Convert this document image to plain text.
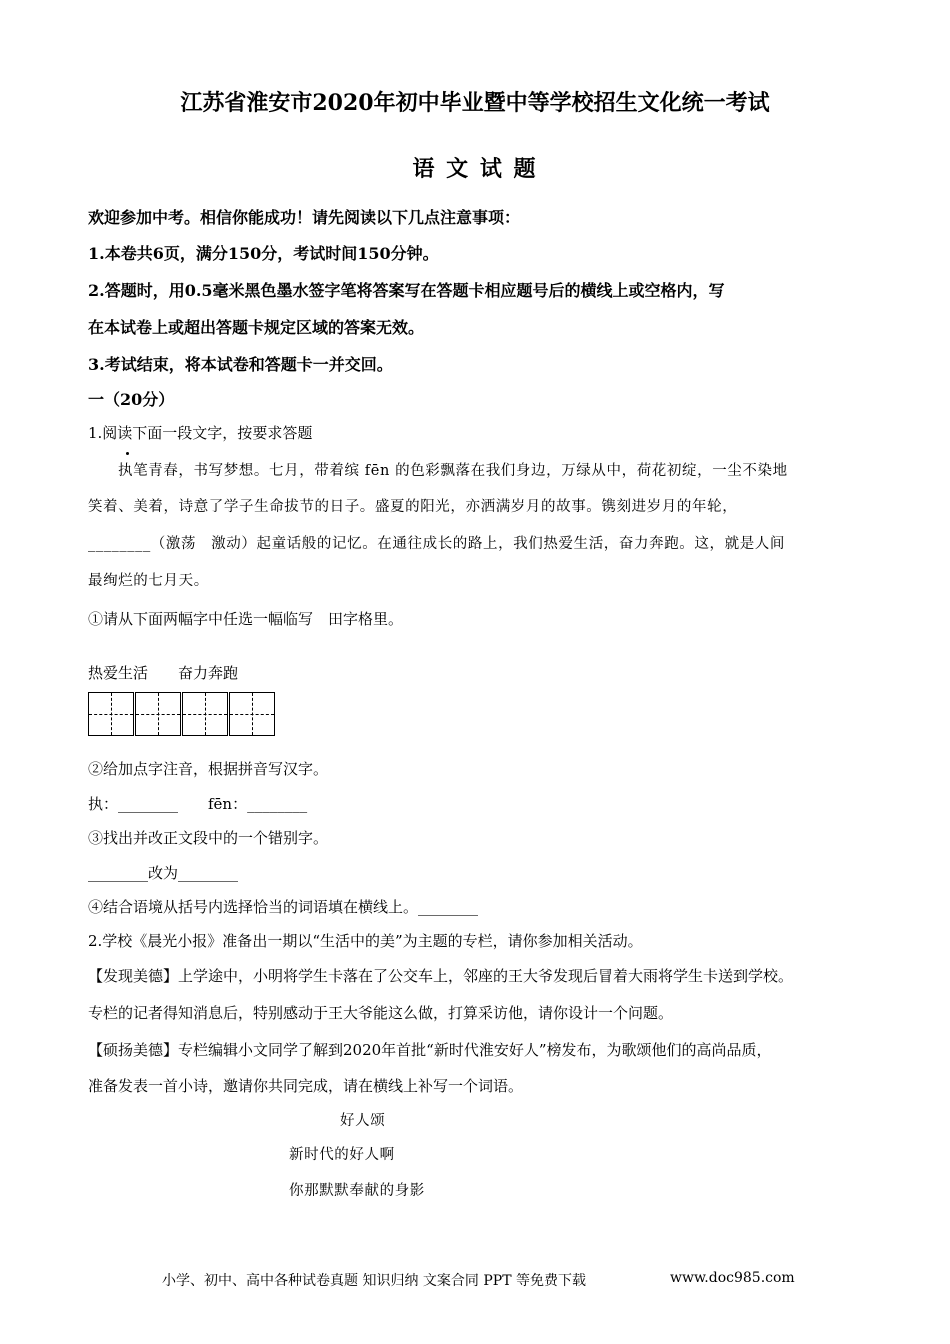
江苏省淮安市2020年初中毕业暨中等学校招生文化统一考试
语 文 试 题
欢迎参加中考。相信你能成功！请先阅读以下几点注意事项：
1.本卷共6页，满分150分，考试时间150分钟。
2.答题时，用0.5毫米黑色墨水签字笔将答案写在答题卡相应题号后的横线上或空格内，写
在本试卷上或超出答题卡规定区域的答案无效。
3.考试结束，将本试卷和答题卡一并交回。
一（20分）
1.阅读下面一段文字，按要求答题
执笔青春，书写梦想。七月，带着缤 fēn 的色彩飘落在我们身边，万绿从中，荷花初绽，一尘不染地
笑着、美着，诗意了学子生命拔节的日子。盛夏的阳光，亦洒满岁月的故事。镌刻进岁月的年轮，
________（激荡　激动）起童话般的记忆。在通往成长的路上，我们热爱生活，奋力奔跑。这，就是人间
最绚烂的七月天。
①请从下面两幅字中任选一幅临写　田字格里。
热爱生活　　奋力奔跑
②给加点字注音，根据拼音写汉字。
执：________　　fēn：________
③找出并改正文段中的一个错别字。
________改为________
④结合语境从括号内选择恰当的词语填在横线上。________
2.学校《晨光小报》准备出一期以“生活中的美”为主题的专栏，请你参加相关活动。
【发现美德】上学途中，小明将学生卡落在了公交车上，邻座的王大爷发现后冒着大雨将学生卡送到学校。
专栏的记者得知消息后，特别感动于王大爷能这么做，打算采访他，请你设计一个问题。
【硕扬美德】专栏编辑小文同学了解到2020年首批“新时代淮安好人”榜发布，为歌颂他们的高尚品质，
准备发表一首小诗，邀请你共同完成，请在横线上补写一个词语。
好人颂
新时代的好人啊
你那默默奉献的身影
小学、初中、高中各种试卷真题 知识归纳 文案合同 PPT 等免费下载	www.doc985.com
